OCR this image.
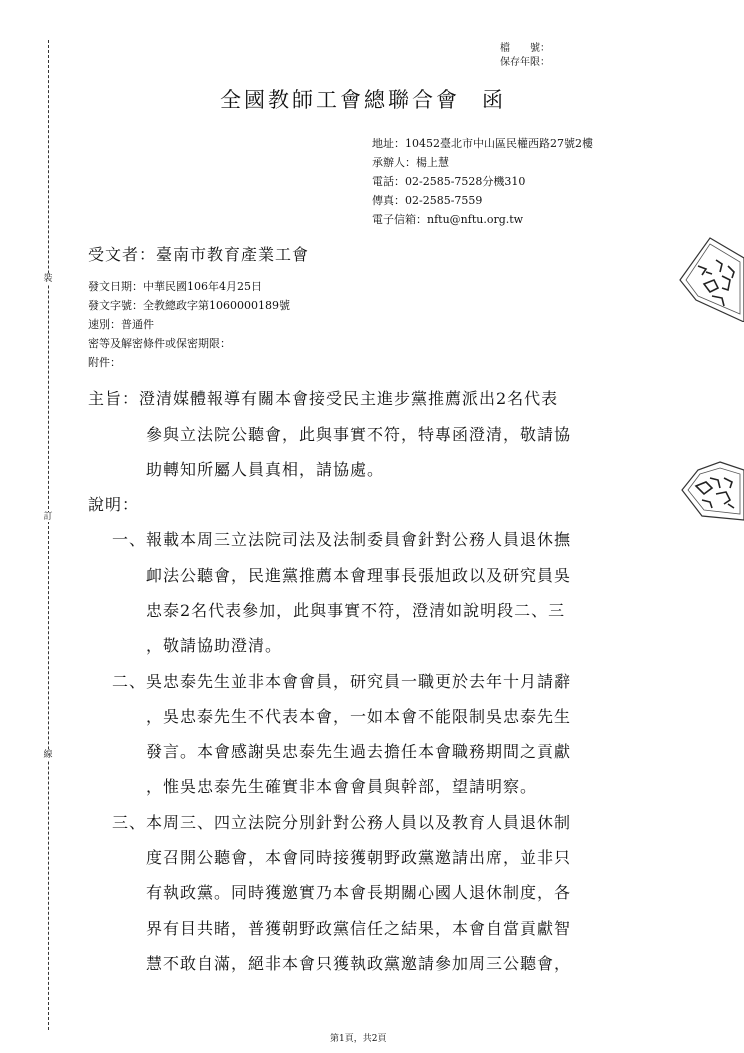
檔　　號：
保存年限：
裝
訂
線
全國教師工會總聯合會 函
地址：10452臺北市中山區民權西路27號2樓
承辦人：楊上慧
電話：02-2585-7528分機310
傳真：02-2585-7559
電子信箱：nftu@nftu.org.tw
受文者：臺南市教育產業工會
發文日期：中華民國106年4月25日
發文字號：全教總政字第1060000189號
速別：普通件
密等及解密條件或保密期限：
附件：
主旨：澄清媒體報導有關本會接受民主進步黨推薦派出2名代表
參與立法院公聽會，此與事實不符，特專函澄清，敬請協
助轉知所屬人員真相，請協處。
說明：
一、報載本周三立法院司法及法制委員會針對公務人員退休撫
卹法公聽會，民進黨推薦本會理事長張旭政以及研究員吳
忠泰2名代表參加，此與事實不符，澄清如說明段二、三
，敬請協助澄清。
二、吳忠泰先生並非本會會員，研究員一職更於去年十月請辭
，吳忠泰先生不代表本會，一如本會不能限制吳忠泰先生
發言。本會感謝吳忠泰先生過去擔任本會職務期間之貢獻
，惟吳忠泰先生確實非本會會員與幹部，望請明察。
三、本周三、四立法院分別針對公務人員以及教育人員退休制
度召開公聽會，本會同時接獲朝野政黨邀請出席，並非只
有執政黨。同時獲邀實乃本會長期關心國人退休制度，各
界有目共睹，普獲朝野政黨信任之結果，本會自當貢獻智
慧不敢自滿，絕非本會只獲執政黨邀請參加周三公聽會，
第1頁，共2頁
